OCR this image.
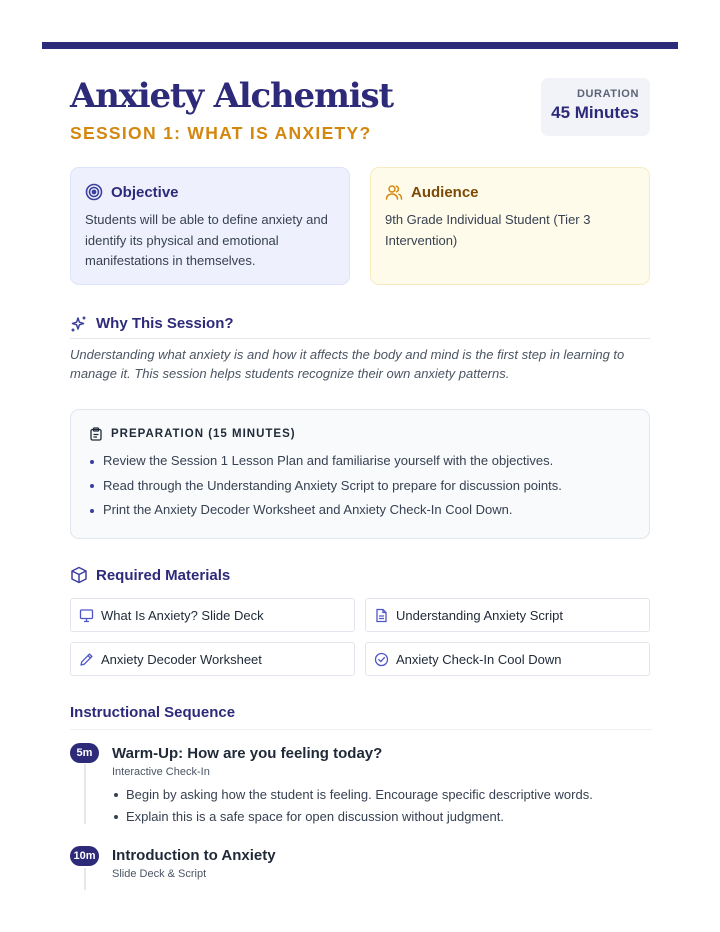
Anxiety Alchemist
SESSION 1: WHAT IS ANXIETY?
DURATION
45 Minutes
Objective
Students will be able to define anxiety and identify its physical and emotional manifestations in themselves.
Audience
9th Grade Individual Student (Tier 3 Intervention)
Why This Session?

Understanding what anxiety is and how it affects the body and mind is the first step in learning to manage it. This session helps students recognize their own anxiety patterns.

PREPARATION (15 MINUTES)
Review the Session 1 Lesson Plan and familiarise yourself with the objectives.
Read through the Understanding Anxiety Script to prepare for discussion points.
Print the Anxiety Decoder Worksheet and Anxiety Check-In Cool Down.
Required Materials
What Is Anxiety? Slide Deck	Understanding Anxiety Script
Anxiety Decoder Worksheet	Anxiety Check-In Cool Down
Instructional Sequence
5m	Warm-Up: How are you feeling today?
Interactive Check-In
Begin by asking how the student is feeling. Encourage specific descriptive words.
Explain this is a safe space for open discussion without judgment.
10m Introduction to Anxiety
Slide Deck & Script
